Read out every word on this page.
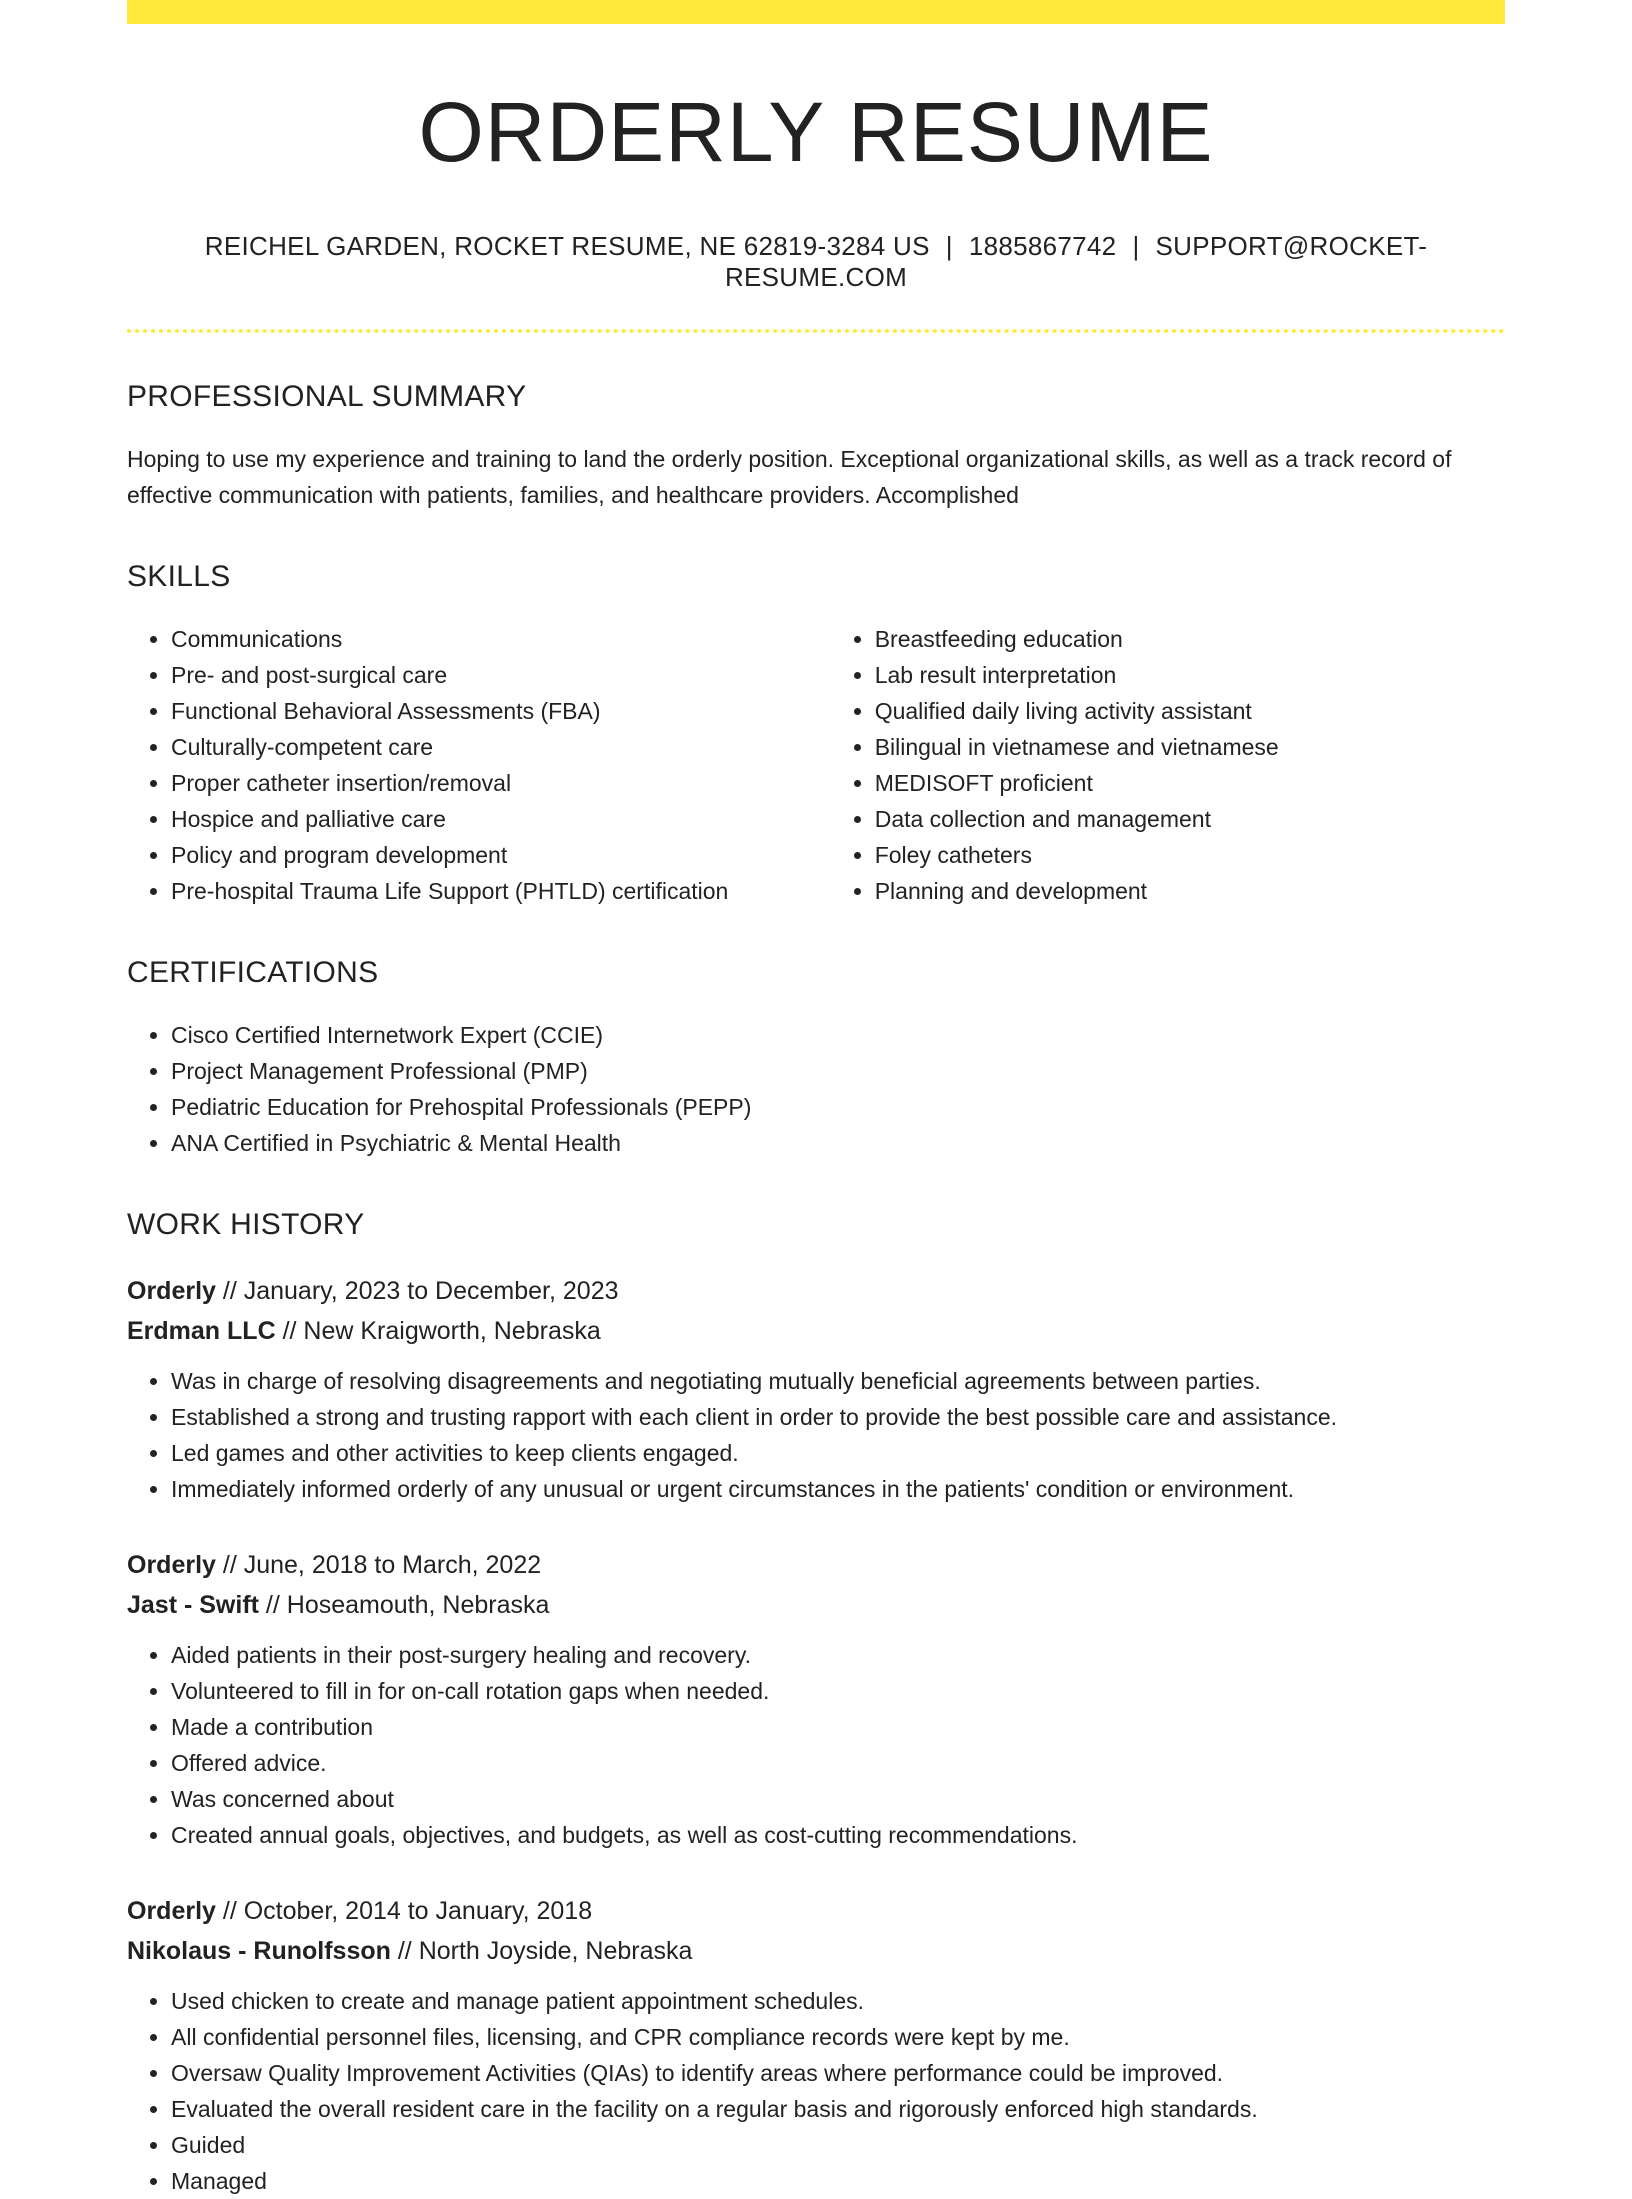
ORDERLY RESUME
REICHEL GARDEN, ROCKET RESUME, NE 62819-3284 US | 1885867742 | SUPPORT@ROCKET-RESUME.COM
PROFESSIONAL SUMMARY

Hoping to use my experience and training to land the orderly position. Exceptional organizational skills, as well as a track record of effective communication with patients, families, and healthcare providers. Accomplished

SKILLS
• Communications
• Pre- and post-surgical care
• Functional Behavioral Assessments (FBA)
• Culturally-competent care
• Proper catheter insertion/removal
• Hospice and palliative care
• Policy and program development
• Pre-hospital Trauma Life Support (PHTLD) certification
• Breastfeeding education
• Lab result interpretation
• Qualified daily living activity assistant
• Bilingual in vietnamese and vietnamese
• MEDISOFT proficient
• Data collection and management
• Foley catheters
• Planning and development
CERTIFICATIONS
• Cisco Certified Internetwork Expert (CCIE)
• Project Management Professional (PMP)
• Pediatric Education for Prehospital Professionals (PEPP)
• ANA Certified in Psychiatric & Mental Health
WORK HISTORY
Orderly // January, 2023 to December, 2023
Erdman LLC // New Kraigworth, Nebraska
• Was in charge of resolving disagreements and negotiating mutually beneficial agreements between parties.
• Established a strong and trusting rapport with each client in order to provide the best possible care and assistance.
• Led games and other activities to keep clients engaged.
• Immediately informed orderly of any unusual or urgent circumstances in the patients' condition or environment.
Orderly // June, 2018 to March, 2022
Jast - Swift // Hoseamouth, Nebraska
• Aided patients in their post-surgery healing and recovery.
• Volunteered to fill in for on-call rotation gaps when needed.
• Made a contribution
• Offered advice.
• Was concerned about
• Created annual goals, objectives, and budgets, as well as cost-cutting recommendations.
Orderly // October, 2014 to January, 2018
Nikolaus - Runolfsson // North Joyside, Nebraska
• Used chicken to create and manage patient appointment schedules.
• All confidential personnel files, licensing, and CPR compliance records were kept by me.
• Oversaw Quality Improvement Activities (QIAs) to identify areas where performance could be improved.
• Evaluated the overall resident care in the facility on a regular basis and rigorously enforced high standards.
• Guided
• Managed
